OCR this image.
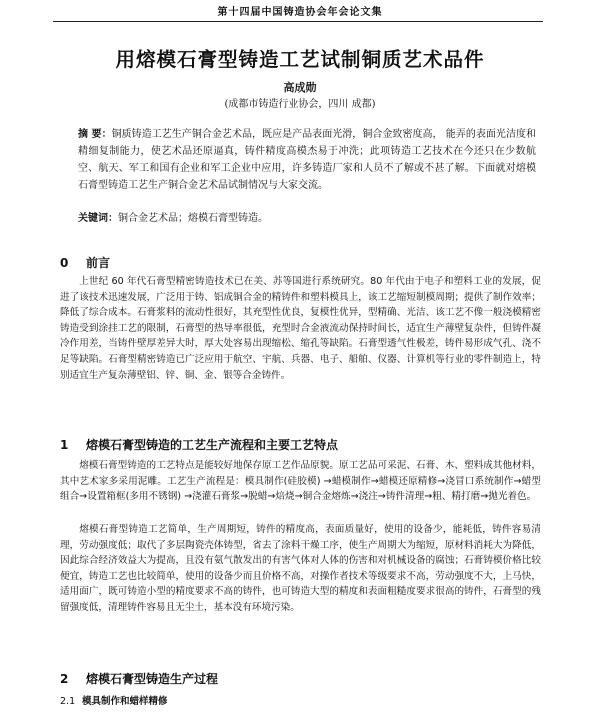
第十四届中国铸造协会年会论文集
用熔模石膏型铸造工艺试制铜质艺术品件
高成勋
(成都市铸造行业协会，四川 成都)
摘 要：铜质铸造工艺生产铜合金艺术品，既应是产品表面光滑，铜合金致密度高， 能弄的表面光洁度和精细复制能力，使艺术品还原逼真，铸件精度高模杰易于冲洗；此项铸造工艺技术在今还只在少数航空、航天、军工和国有企业和军工企业中应用，许多铸造厂家和人员不了解或不甚了解。下面就对熔模石膏型铸造工艺生产铜合金艺术品试制情况与大家交流。
关键词：铜合金艺术品；熔模石膏型铸造。
0 前言

上世纪 60 年代石膏型精密铸造技术已在美、苏等国进行系统研究。80 年代由于电子和塑料工业的发展，促进了该技术迅速发展，广泛用于铸、铝成铜合金的精铸件和塑料模具上，该工艺缩短制模周期；提供了制作效率；降低了综合成本。石膏浆料的流动性很好，其充型性优良，复模性优异，型精确、光洁、该工艺不像一般浇模精密铸造受到涂挂工艺的限制，石膏型的热导率很低，充型时合金液流动保持时间长，适宜生产薄壁复杂件，但铸件凝冷作用差，当铸件壁厚差异大时，厚大处容易出现缩松、缩孔等缺陷。石膏型透气性极差，铸件易形成气孔、浇不足等缺陷。石膏型精密铸造已广泛应用于航空、宇航、兵器、电子、船舶、仪器、计算机等行业的零件制造上，特别适宜生产复杂薄壁铝、锌、铜、金、银等合金铸件。

1 熔模石膏型铸造的工艺生产流程和主要工艺特点

熔模石膏型铸造的工艺特点是能较好地保存原工艺作品原貌。原工艺品可采泥、石膏、木、塑料成其他材料，其中艺术家多采用泥雕。工艺生产流程是：模具制作(硅胶模) →蜡模制作→蜡模还原精修→浇冒口系统制作→蜡型组合→设置箱框(多用不锈钢) →浇灌石膏浆→脱蜡→焙烧→铜合金熔炼→浇注→铸件清理→粗、精打磨→抛光着色。

熔模石膏型铸造工艺简单，生产周期短，铸件的精度高，表面质量好，使用的设备少，能耗低，铸件容易清理，劳动强度低；取代了多层陶瓷壳体铸型，省去了涂料干燥工序，使生产周期大为缩短，原材料消耗大为降低，因此综合经济效益大为提高，且没有氨气散发出的有害气体对人体的伤害和对机械设备的腐蚀；石膏铸模价格比较便宜，铸造工艺也比较简单，使用的设备少而且价格不高，对操作者技术等级要求不高，劳动强度不大，上马快，适用面广，既可铸造小型的精度要求不高的铸件，也可铸造大型的精度和表面粗糙度要求很高的铸件，石膏型的残留强度低，清理铸件容易且无尘土，基本没有环境污染。

2 熔模石膏型铸造生产过程
2.1 模具制作和蜡样精修
